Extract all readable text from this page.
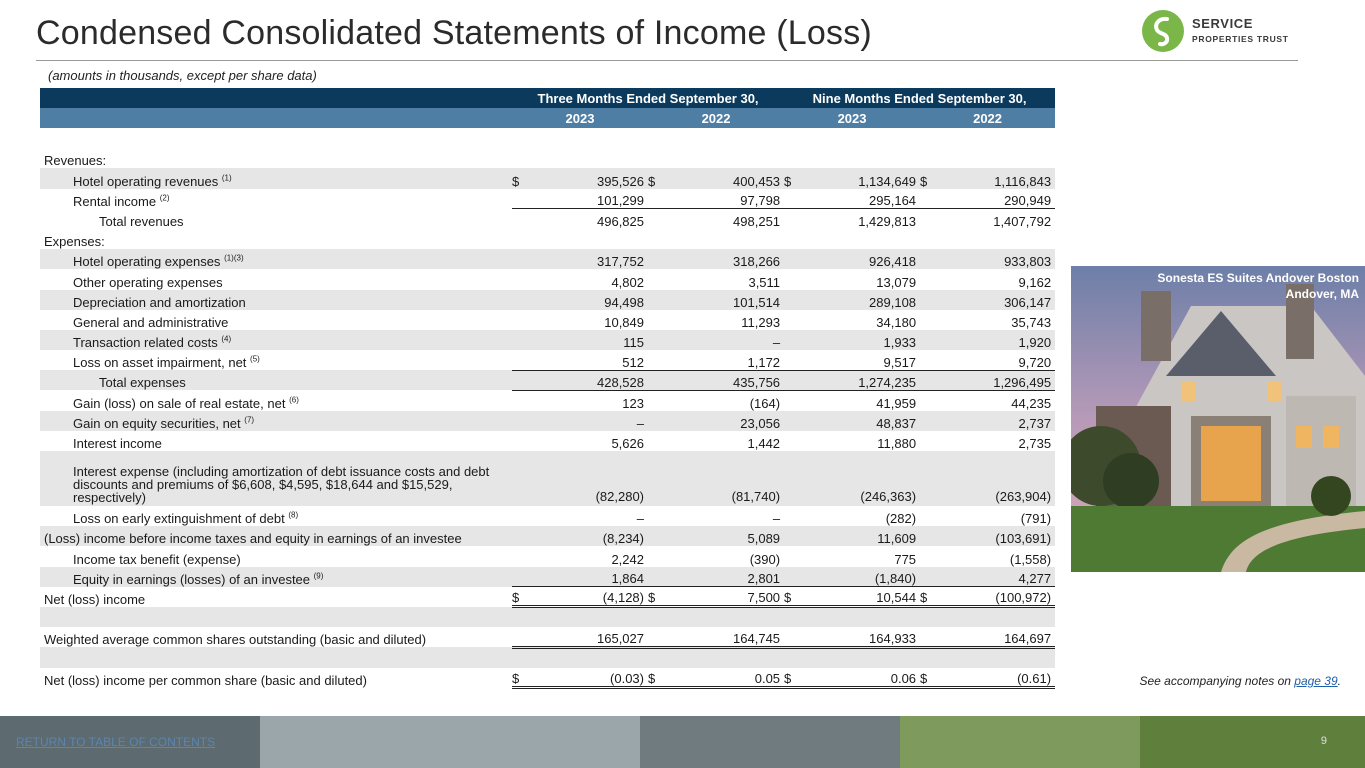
Condensed Consolidated Statements of Income (Loss)	SERVICE
PROPERTIES TRUST
(amounts in thousands, except per share data)
	Three Months Ended September 30,				Nine Months Ended September 30,			
	2023		2022		2023		2022	

Revenues:								
Hotel operating revenues $^{(1)}$	$	395,526	$	400,453	$	1,134,649	$	1,116,843
Rental income $^{(2)}$		101,299		97,798		295,164		290,949
Total revenues		496,825		498,251		1,429,813		1,407,792
Expenses:								
Hotel operating expenses $^{(1)(3)}$		317,752		318,266		926,418		933,803
Other operating expenses		4,802		3,511		13,079		9,162
Depreciation and amortization		94,498		101,514		289,108		306,147
General and administrative		10,849		11,293		34,180		35,743
Transaction related costs $^{(4)}$		115		–		1,933		1,920
Loss on asset impairment, net $^{(5)}$		512		1,172		9,517		9,720
Total expenses		428,528		435,756		1,274,235		1,296,495
Gain (loss) on sale of real estate, net $^{(6)}$		123		(164)		41,959		44,235
Gain on equity securities, net $^{(7)}$		–		23,056		48,837		2,737
Interest income		5,626		1,442		11,880		2,735

Interest expense (including amortization of debt issuance costs and debt discounts and premiums of $6,608, $4,595, $18,644 and $15,529, respectively)		(82,280)		(81,740)		(246,363)		(263,904)
Loss on early extinguishment of debt $^{(8)}$		–		–		(282)		(791)
(Loss) income before income taxes and equity in earnings of an investee		(8,234)		5,089		11,609		(103,691)
Income tax benefit (expense)		2,242		(390)		775		(1,558)
Equity in earnings (losses) of an investee $^{(9)}$		1,864		2,801		(1,840)		4,277
Net (loss) income	$	(4,128)	$	7,500	$	10,544	$	(100,972)

Weighted average common shares outstanding (basic and diluted)		165,027		164,745		164,933		164,697

Net (loss) income per common share (basic and diluted)	$	(0.03)	$	0.05	$	0.06	$	(0.61)
Sonesta ES Suites Andover Boston
Andover, MA
See accompanying notes on page 39.
RETURN TO TABLE OF CONTENTS	9
